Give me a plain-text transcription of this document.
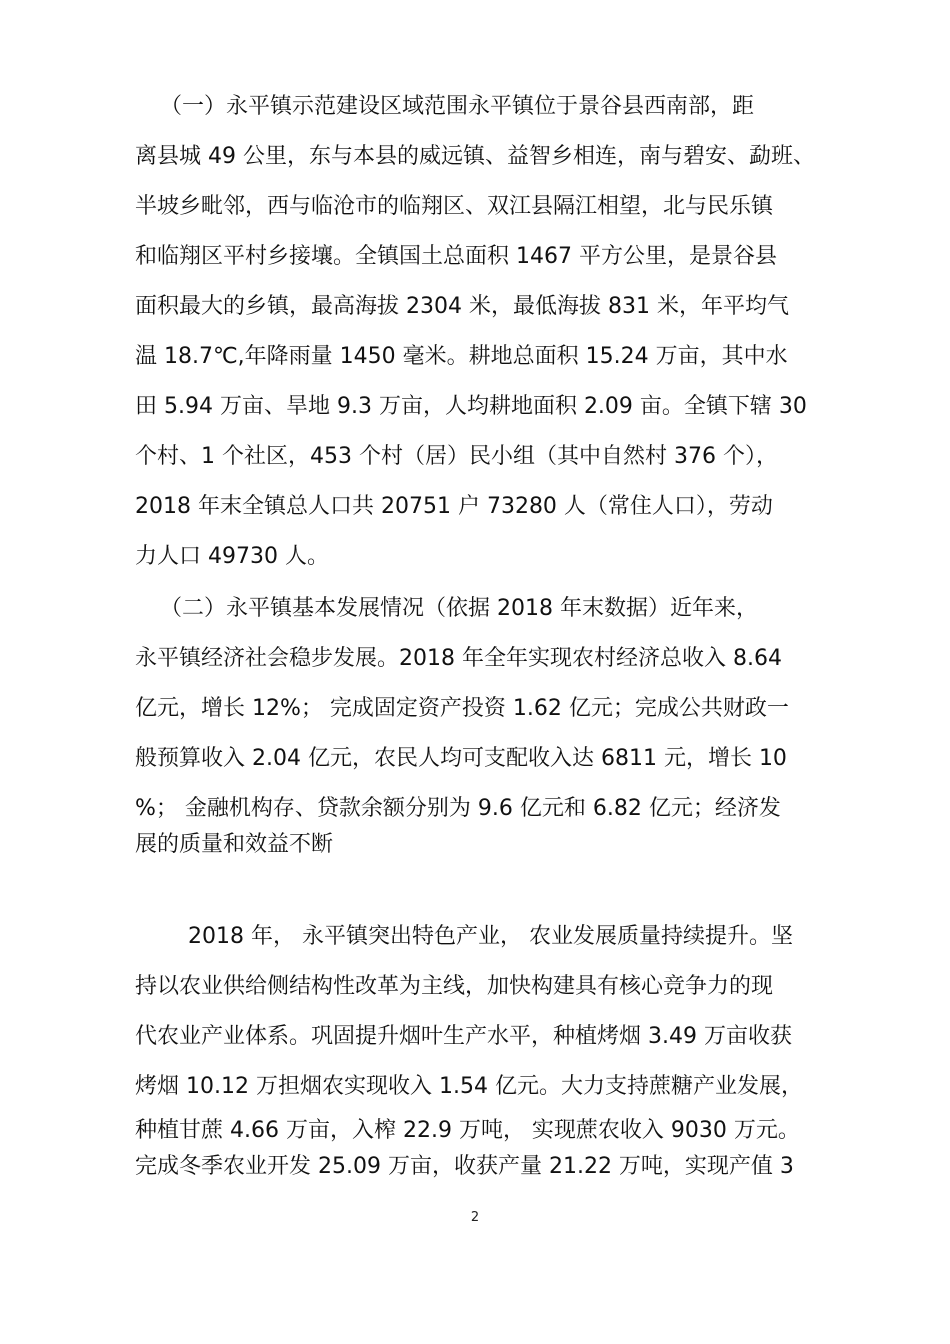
（一）永平镇示范建设区域范围永平镇位于景谷县西南部，距
离县城 49 公里，东与本县的威远镇、益智乡相连，南与碧安、勐班、
半坡乡毗邻，西与临沧市的临翔区、双江县隔江相望，北与民乐镇
和临翔区平村乡接壤。全镇国土总面积 1467 平方公里，是景谷县
面积最大的乡镇，最高海拔 2304 米，最低海拔 831 米，年平均气
温 18.7℃,年降雨量 1450 毫米。耕地总面积 15.24 万亩，其中水
田 5.94 万亩、旱地 9.3 万亩，人均耕地面积 2.09 亩。全镇下辖 30
个村、1 个社区，453 个村（居）民小组（其中自然村 376 个），
2018 年末全镇总人口共 20751 户 73280 人（常住人口），劳动
力人口 49730 人。
（二）永平镇基本发展情况（依据 2018 年末数据）近年来，
永平镇经济社会稳步发展。2018 年全年实现农村经济总收入 8.64
亿元，增长 12%； 完成固定资产投资 1.62 亿元；完成公共财政一
般预算收入 2.04 亿元，农民人均可支配收入达 6811 元，增长 10
%； 金融机构存、贷款余额分别为 9.6 亿元和 6.82 亿元；经济发
展的质量和效益不断
2018 年， 永平镇突出特色产业， 农业发展质量持续提升。坚
持以农业供给侧结构性改革为主线，加快构建具有核心竞争力的现
代农业产业体系。巩固提升烟叶生产水平，种植烤烟 3.49 万亩收获
烤烟 10.12 万担烟农实现收入 1.54 亿元。大力支持蔗糖产业发展，
种植甘蔗 4.66 万亩，入榨 22.9 万吨， 实现蔗农收入 9030 万元。
完成冬季农业开发 25.09 万亩，收获产量 21.22 万吨，实现产值 3
2
